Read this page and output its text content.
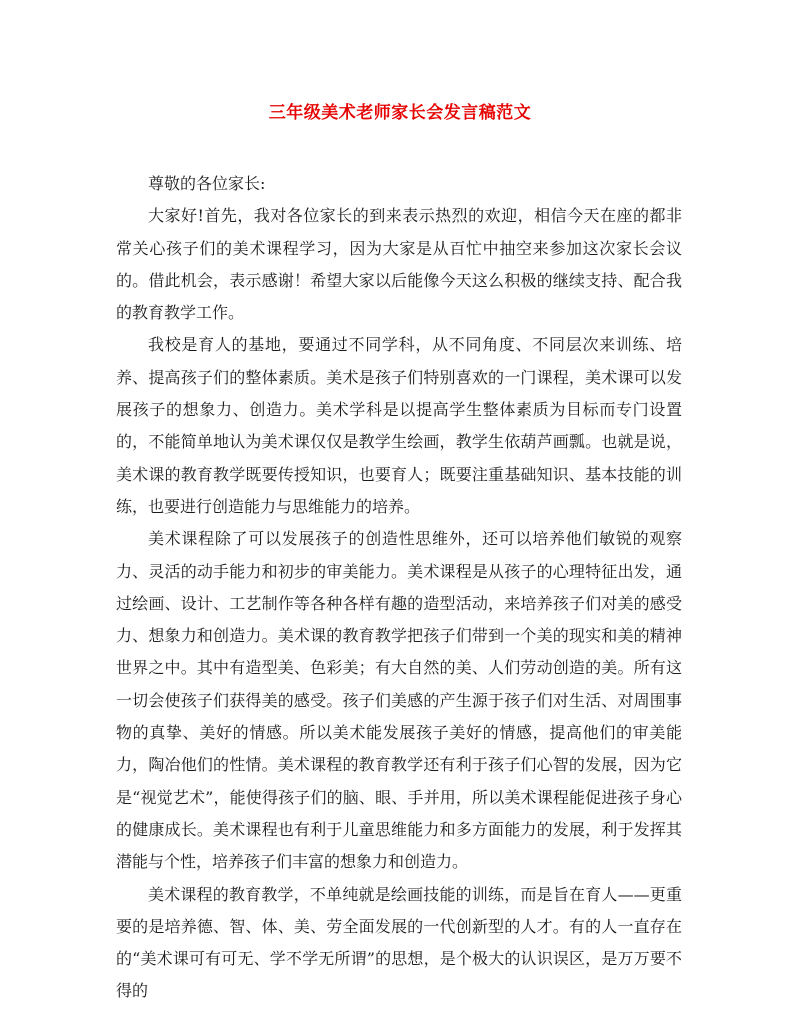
三年级美术老师家长会发言稿范文

尊敬的各位家长:

大家好!首先，我对各位家长的到来表示热烈的欢迎，相信今天在座的都非常关心孩子们的美术课程学习，因为大家是从百忙中抽空来参加这次家长会议的。借此机会，表示感谢！希望大家以后能像今天这么积极的继续支持、配合我的教育教学工作。

我校是育人的基地，要通过不同学科，从不同角度、不同层次来训练、培养、提高孩子们的整体素质。美术是孩子们特别喜欢的一门课程，美术课可以发展孩子的想象力、创造力。美术学科是以提高学生整体素质为目标而专门设置的，不能简单地认为美术课仅仅是教学生绘画，教学生依葫芦画瓢。也就是说，美术课的教育教学既要传授知识，也要育人；既要注重基础知识、基本技能的训练，也要进行创造能力与思维能力的培养。

美术课程除了可以发展孩子的创造性思维外，还可以培养他们敏锐的观察力、灵活的动手能力和初步的审美能力。美术课程是从孩子的心理特征出发，通过绘画、设计、工艺制作等各种各样有趣的造型活动，来培养孩子们对美的感受力、想象力和创造力。美术课的教育教学把孩子们带到一个美的现实和美的精神世界之中。其中有造型美、色彩美；有大自然的美、人们劳动创造的美。所有这一切会使孩子们获得美的感受。孩子们美感的产生源于孩子们对生活、对周围事物的真挚、美好的情感。所以美术能发展孩子美好的情感，提高他们的审美能力，陶冶他们的性情。美术课程的教育教学还有利于孩子们心智的发展，因为它是“视觉艺术”，能使得孩子们的脑、眼、手并用，所以美术课程能促进孩子身心的健康成长。美术课程也有利于儿童思维能力和多方面能力的发展，利于发挥其潜能与个性，培养孩子们丰富的想象力和创造力。

美术课程的教育教学，不单纯就是绘画技能的训练，而是旨在育人——更重要的是培养德、智、体、美、劳全面发展的一代创新型的人才。有的人一直存在的“美术课可有可无、学不学无所谓”的思想，是个极大的认识误区，是万万要不得的
